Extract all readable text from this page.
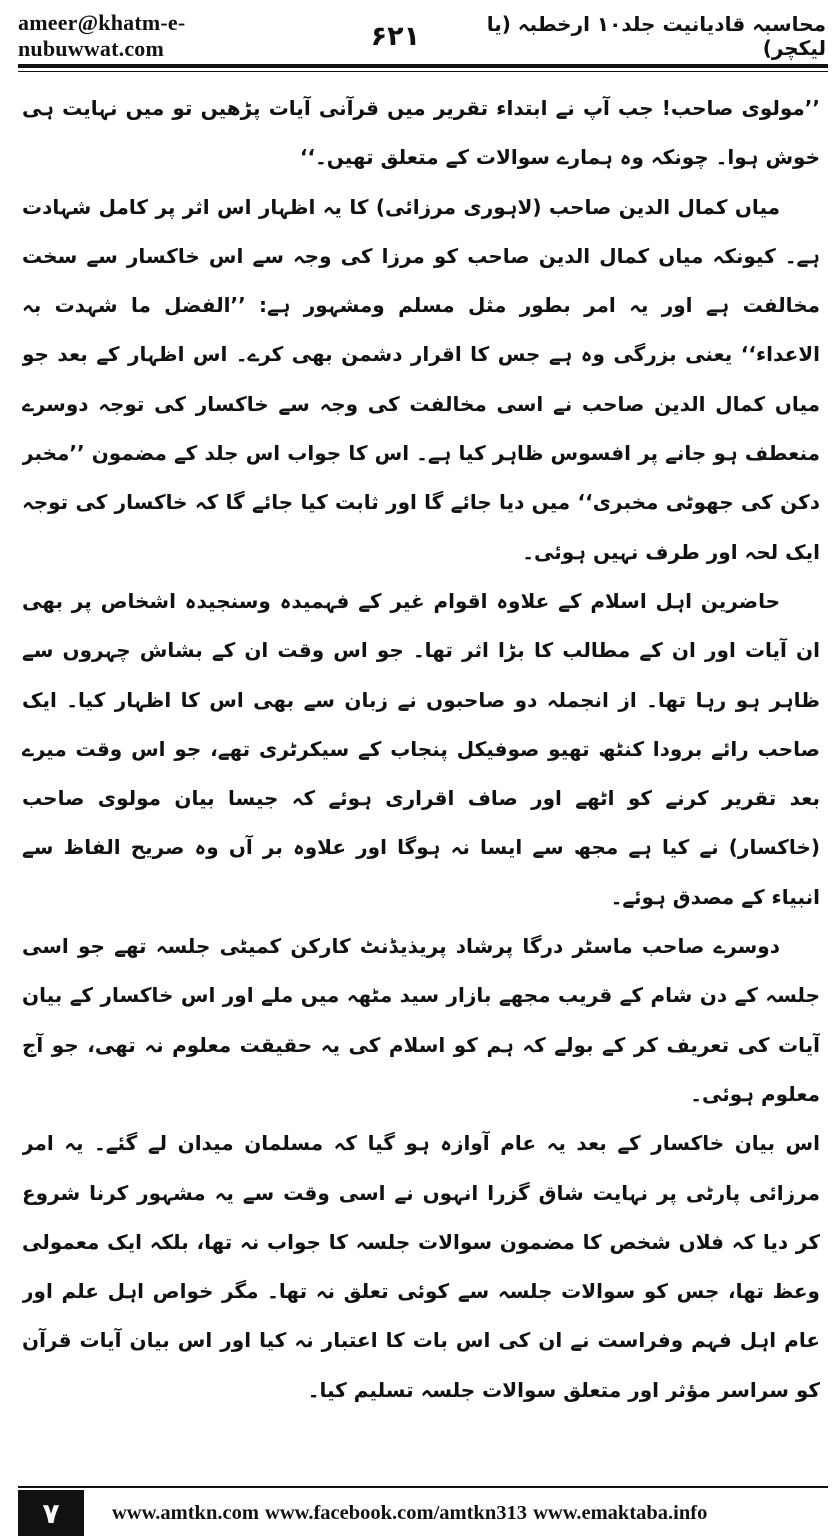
ameer@khatm-e-nubuwwat.com	۶۲۱	محاسبہ قادیانیت جلد۱۰ ارخطبہ (یا لیکچر)

’’مولوی صاحب! جب آپ نے ابتداء تقریر میں قرآنی آیات پڑھیں تو میں نہایت ہی خوش ہوا۔ چونکہ وہ ہمارے سوالات کے متعلق تھیں۔‘‘

میاں کمال الدین صاحب (لاہوری مرزائی) کا یہ اظہار اس اثر پر کامل شہادت ہے۔ کیونکہ میاں کمال الدین صاحب کو مرزا کی وجہ سے اس خاکسار سے سخت مخالفت ہے اور یہ امر بطور مثل مسلم ومشہور ہے: ’’الفضل ما شہدت بہ الاعداء‘‘ یعنی بزرگی وہ ہے جس کا اقرار دشمن بھی کرے۔ اس اظہار کے بعد جو میاں کمال الدین صاحب نے اسی مخالفت کی وجہ سے خاکسار کی توجہ دوسرے منعطف ہو جانے پر افسوس ظاہر کیا ہے۔ اس کا جواب اس جلد کے مضمون ’’مخبر دکن کی جھوٹی مخبری‘‘ میں دیا جائے گا اور ثابت کیا جائے گا کہ خاکسار کی توجہ ایک لحہ اور طرف نہیں ہوئی۔

حاضرین اہل اسلام کے علاوہ اقوام غیر کے فہمیدہ وسنجیدہ اشخاص پر بھی ان آیات اور ان کے مطالب کا بڑا اثر تھا۔ جو اس وقت ان کے بشاش چہروں سے ظاہر ہو رہا تھا۔ از انجملہ دو صاحبوں نے زبان سے بھی اس کا اظہار کیا۔ ایک صاحب رائے برودا کنٹھ تھیو صوفیکل پنجاب کے سیکرٹری تھے، جو اس وقت میرے بعد تقریر کرنے کو اٹھے اور صاف اقراری ہوئے کہ جیسا بیان مولوی صاحب (خاکسار) نے کیا ہے مجھ سے ایسا نہ ہوگا اور علاوہ بر آں وہ صریح الفاظ سے انبیاء کے مصدق ہوئے۔

دوسرے صاحب ماسٹر درگا پرشاد پریذیڈنٹ کارکن کمیٹی جلسہ تھے جو اسی جلسہ کے دن شام کے قریب مجھے بازار سید مٹھہ میں ملے اور اس خاکسار کے بیان آیات کی تعریف کر کے بولے کہ ہم کو اسلام کی یہ حقیقت معلوم نہ تھی، جو آج معلوم ہوئی۔

اس بیان خاکسار کے بعد یہ عام آوازہ ہو گیا کہ مسلمان میدان لے گئے۔ یہ امر مرزائی پارٹی پر نہایت شاق گزرا انہوں نے اسی وقت سے یہ مشہور کرنا شروع کر دیا کہ فلاں شخص کا مضمون سوالات جلسہ کا جواب نہ تھا، بلکہ ایک معمولی وعظ تھا، جس کو سوالات جلسہ سے کوئی تعلق نہ تھا۔ مگر خواص اہل علم اور عام اہل فہم وفراست نے ان کی اس بات کا اعتبار نہ کیا اور اس بیان آیات قرآن کو سراسر مؤثر اور متعلق سوالات جلسہ تسلیم کیا۔

۷	www.amtkn.com www.facebook.com/amtkn313 www.emaktaba.info
